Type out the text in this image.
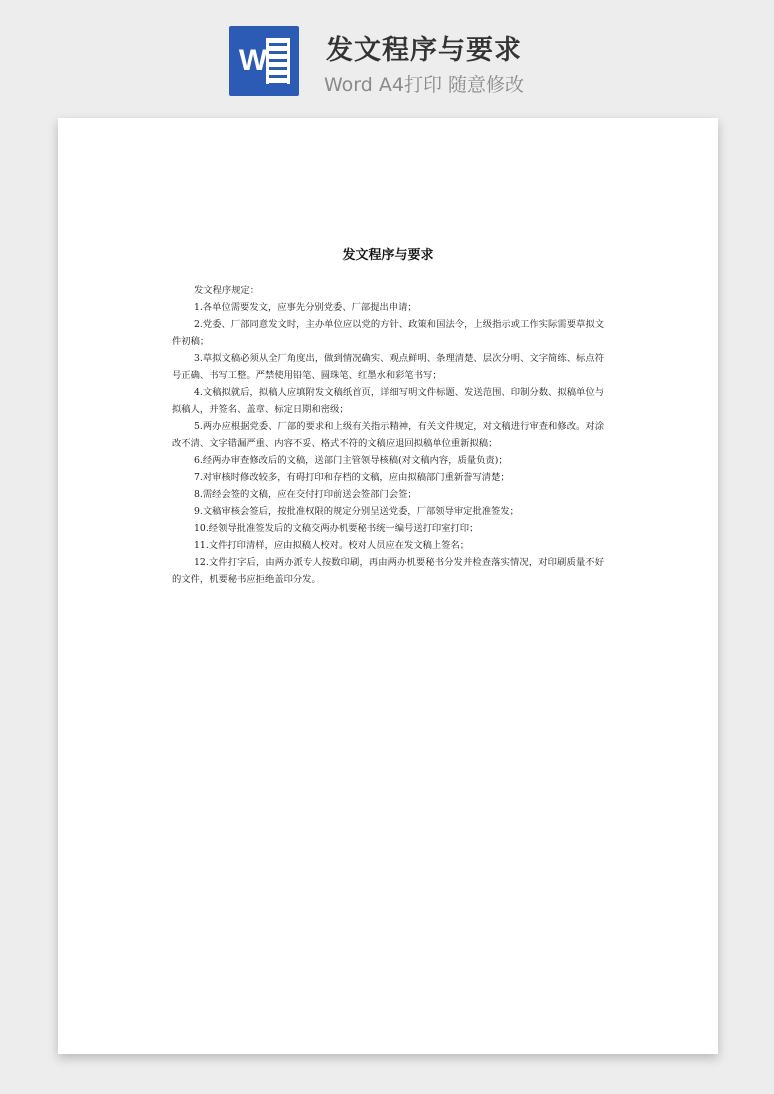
W 发文程序与要求
Word A4打印 随意修改
发文程序与要求

发文程序规定：

1.各单位需要发文，应事先分别党委、厂部提出申请；

2.党委、厂部同意发文时，主办单位应以党的方针、政策和国法令，上级指示或工作实际需要草拟文件初稿；

3.草拟文稿必须从全厂角度出，做到情况确实、观点鲜明、条理清楚、层次分明、文字简练、标点符号正确、书写工整。严禁使用铅笔、圆珠笔、红墨水和彩笔书写；

4.文稿拟就后，拟稿人应填附发文稿纸首页，详细写明文件标题、发送范围、印制分数、拟稿单位与拟稿人，并签名、盖章、标定日期和密级；

5.两办应根据党委、厂部的要求和上级有关指示精神，有关文件规定，对文稿进行审查和修改。对涂改不清、文字错漏严重、内容不妥、格式不符的文稿应退回拟稿单位重新拟稿；

6.经两办审查修改后的文稿，送部门主管领导核稿(对文稿内容，质量负责)；

7.对审核时修改较多，有碍打印和存档的文稿，应由拟稿部门重新誊写清楚；

8.需经会签的文稿，应在交付打印前送会签部门会签；

9.文稿审核会签后，按批准权限的规定分别呈送党委，厂部领导审定批准签发；

10.经领导批准签发后的文稿交两办机要秘书统一编号送打印室打印；

11.文件打印清样，应由拟稿人校对。校对人员应在发文稿上签名；

12.文件打字后，由两办派专人按数印刷，再由两办机要秘书分发并检查落实情况，对印刷质量不好的文件，机要秘书应拒绝盖印分发。
